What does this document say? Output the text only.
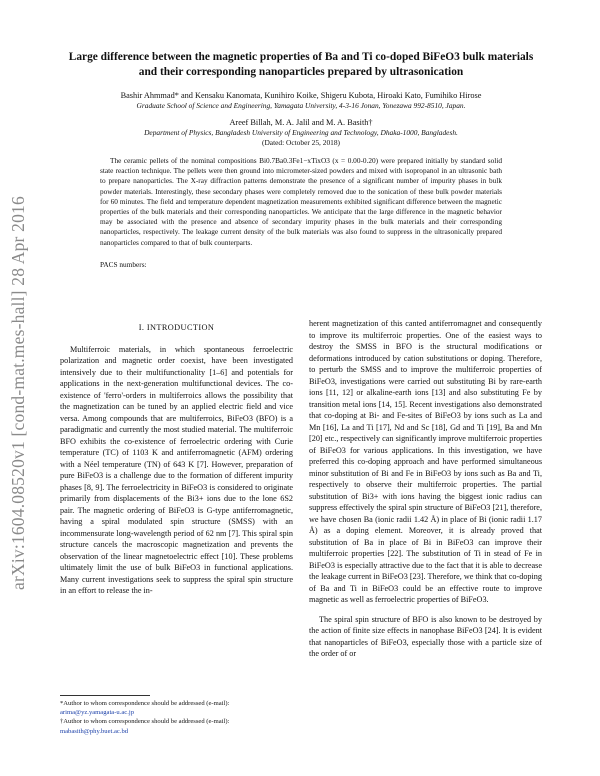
arXiv:1604.08520v1 [cond-mat.mes-hall] 28 Apr 2016
Large difference between the magnetic properties of Ba and Ti co-doped BiFeO3 bulk materials and their corresponding nanoparticles prepared by ultrasonication
Bashir Ahmmad* and Kensaku Kanomata, Kunihiro Koike, Shigeru Kubota, Hiroaki Kato, Fumihiko Hirose
Graduate School of Science and Engineering, Yamagata University, 4-3-16 Jonan, Yonezawa 992-8510, Japan.
Areef Billah, M. A. Jalil and M. A. Basith†
Department of Physics, Bangladesh University of Engineering and Technology, Dhaka-1000, Bangladesh.
(Dated: October 25, 2018)
The ceramic pellets of the nominal compositions Bi0.7Ba0.3Fe1−xTixO3 (x = 0.00-0.20) were prepared initially by standard solid state reaction technique. The pellets were then ground into micrometer-sized powders and mixed with isopropanol in an ultrasonic bath to prepare nanoparticles. The X-ray diffraction patterns demonstrate the presence of a significant number of impurity phases in bulk powder materials. Interestingly, these secondary phases were completely removed due to the sonication of these bulk powder materials for 60 minutes. The field and temperature dependent magnetization measurements exhibited significant difference between the magnetic properties of the bulk materials and their corresponding nanoparticles. We anticipate that the large difference in the magnetic behavior may be associated with the presence and absence of secondary impurity phases in the bulk materials and their corresponding nanoparticles, respectively. The leakage current density of the bulk materials was also found to suppress in the ultrasonically prepared nanoparticles compared to that of bulk counterparts.
PACS numbers:
I. INTRODUCTION
Multiferroic materials, in which spontaneous ferroelectric polarization and magnetic order coexist, have been investigated intensively due to their multifunctionality [1–6] and potentials for applications in the next-generation multifunctional devices. The co-existence of 'ferro'-orders in multiferroics allows the possibility that the magnetization can be tuned by an applied electric field and vice versa. Among compounds that are multiferroics, BiFeO3 (BFO) is a paradigmatic and currently the most studied material. The multiferroic BFO exhibits the co-existence of ferroelectric ordering with Curie temperature (TC) of 1103 K and antiferromagnetic (AFM) ordering with a Néel temperature (TN) of 643 K [7]. However, preparation of pure BiFeO3 is a challenge due to the formation of different impurity phases [8, 9]. The ferroelectricity in BiFeO3 is considered to originate primarily from displacements of the Bi3+ ions due to the lone 6S2 pair. The magnetic ordering of BiFeO3 is G-type antiferromagnetic, having a spiral modulated spin structure (SMSS) with an incommensurate long-wavelength period of 62 nm [7]. This spiral spin structure cancels the macroscopic magnetization and prevents the observation of the linear magnetoelectric effect [10]. These problems ultimately limit the use of bulk BiFeO3 in functional applications. Many current investigations seek to suppress the spiral spin structure in an effort to release the in-
herent magnetization of this canted antiferromagnet and consequently to improve its multiferroic properties. One of the easiest ways to destroy the SMSS in BFO is the structural modifications or deformations introduced by cation substitutions or doping. Therefore, to perturb the SMSS and to improve the multiferroic properties of BiFeO3, investigations were carried out substituting Bi by rare-earth ions [11, 12] or alkaline-earth ions [13] and also substituting Fe by transition metal ions [14, 15]. Recent investigations also demonstrated that co-doping at Bi- and Fe-sites of BiFeO3 by ions such as La and Mn [16], La and Ti [17], Nd and Sc [18], Gd and Ti [19], Ba and Mn [20] etc., respectively can significantly improve multiferroic properties of BiFeO3 for various applications. In this investigation, we have preferred this co-doping approach and have performed simultaneous minor substitution of Bi and Fe in BiFeO3 by ions such as Ba and Ti, respectively to observe their multiferroic properties. The partial substitution of Bi3+ with ions having the biggest ionic radius can suppress effectively the spiral spin structure of BiFeO3 [21], therefore, we have chosen Ba (ionic radii 1.42 Å) in place of Bi (ionic radii 1.17 Å) as a doping element. Moreover, it is already proved that substitution of Ba in place of Bi in BiFeO3 can improve their multiferroic properties [22]. The substitution of Ti in stead of Fe in BiFeO3 is especially attractive due to the fact that it is able to decrease the leakage current in BiFeO3 [23]. Therefore, we think that co-doping of Ba and Ti in BiFeO3 could be an effective route to improve magnetic as well as ferroelectric properties of BiFeO3.
The spiral spin structure of BFO is also known to be destroyed by the action of finite size effects in nanophase BiFeO3 [24]. It is evident that nanoparticles of BiFeO3, especially those with a particle size of the order of or
*Author to whom correspondence should be addressed (e-mail):
arima@yz.yamagata-u.ac.jp
†Author to whom correspondence should be addressed (e-mail):
mabasith@phy.buet.ac.bd
